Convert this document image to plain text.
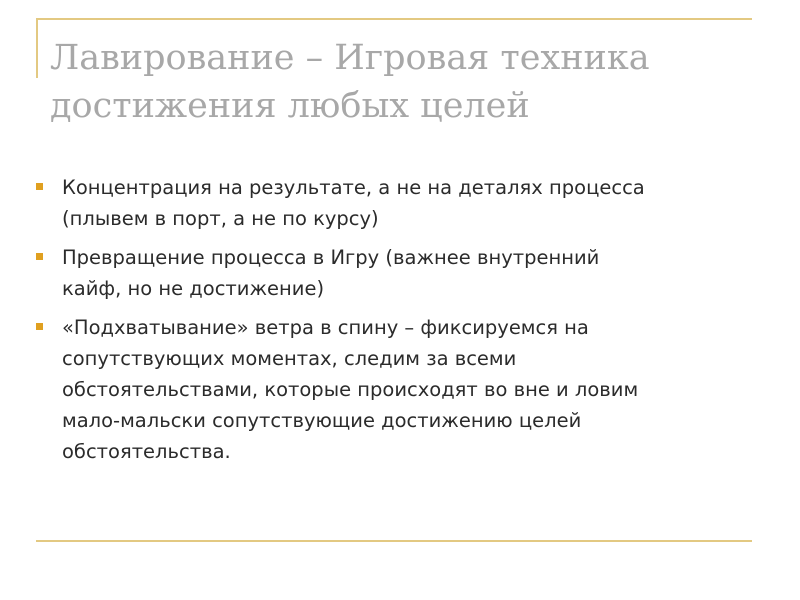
Лавирование – Игровая техника
достижения любых целей
Концентрация на результате, а не на деталях процесса
(плывем в порт, а не по курсу)
Превращение процесса в Игру (важнее внутренний
кайф, но не достижение)
«Подхватывание» ветра в спину – фиксируемся на
сопутствующих моментах, следим за всеми
обстоятельствами, которые происходят во вне и ловим
мало-мальски сопутствующие достижению целей
обстоятельства.
